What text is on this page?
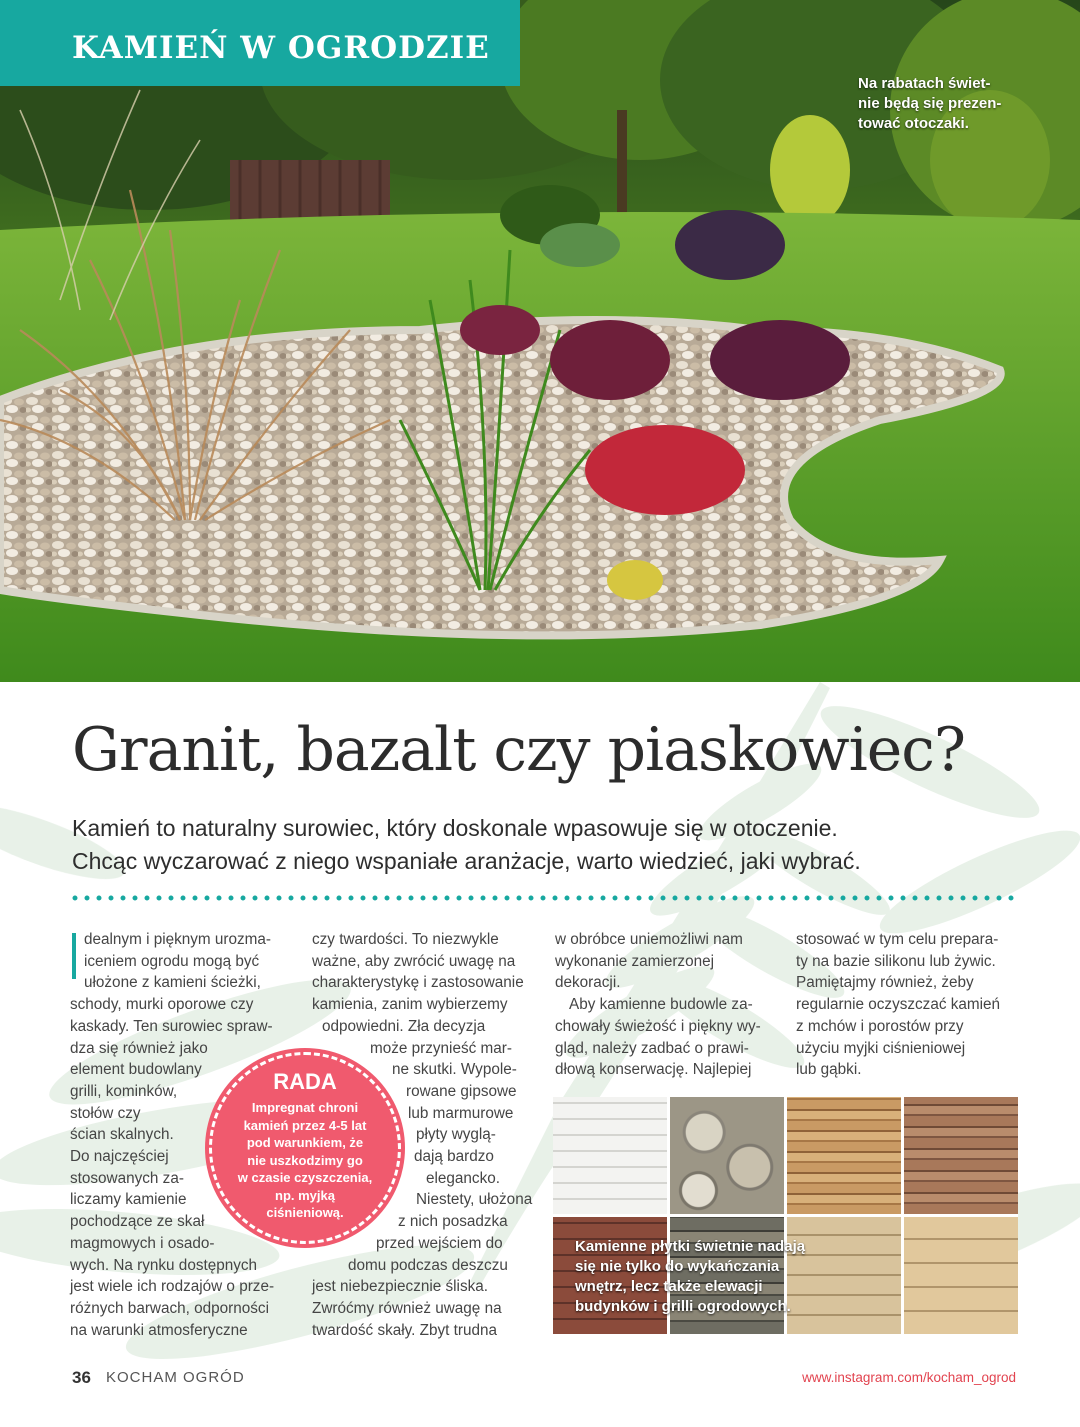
KAMIEŃ W OGRODZIE
Na rabatach świet-
nie będą się prezen-
tować otoczaki.
Granit, bazalt czy piaskowiec?
Kamień to naturalny surowiec, który doskonale wpasowuje się w otoczenie.
Chcąc wyczarować z niego wspaniałe aranżacje, warto wiedzieć, jaki wybrać.
dealnym i pięknym urozma-
iceniem ogrodu mogą być
ułożone z kamieni ścieżki,
schody, murki oporowe czy
kaskady. Ten surowiec spraw-
dza się również jako
element budowlany
grilli, kominków,
stołów czy
ścian skalnych.
Do najczęściej
stosowanych za-
liczamy kamienie
pochodzące ze skał
magmowych i osado-
wych. Na rynku dostępnych
jest wiele ich rodzajów o prze-
różnych barwach, odporności
na warunki atmosferyczne
czy twardości. To niezwykle
ważne, aby zwrócić uwagę na
charakterystykę i zastosowanie
kamienia, zanim wybierzemy
odpowiedni. Zła decyzja
może przynieść mar-
ne skutki. Wypole-
rowane gipsowe
lub marmurowe
płyty wyglą-
dają bardzo
elegancko.
Niestety, ułożona
z nich posadzka
przed wejściem do
domu podczas deszczu
jest niebezpiecznie śliska.
Zwróćmy również uwagę na
twardość skały. Zbyt trudna
w obróbce uniemożliwi nam
wykonanie zamierzonej
dekoracji.
Aby kamienne budowle za-
chowały świeżość i piękny wy-
gląd, należy zadbać o prawi-
dłową konserwację. Najlepiej
stosować w tym celu prepara-
ty na bazie silikonu lub żywic.
Pamiętajmy również, żeby
regularnie oczyszczać kamień
z mchów i porostów przy
użyciu myjki ciśnieniowej
lub gąbki.
RADA
Impregnat chroni
kamień przez 4-5 lat
pod warunkiem, że
nie uszkodzimy go
w czasie czyszczenia,
np. myjką
ciśnieniową.
Kamienne płytki świetnie nadają
się nie tylko do wykańczania
wnętrz, lecz także elewacji
budynków i grilli ogrodowych.
36 KOCHAM OGRÓD	www.instagram.com/kocham_ogrod
